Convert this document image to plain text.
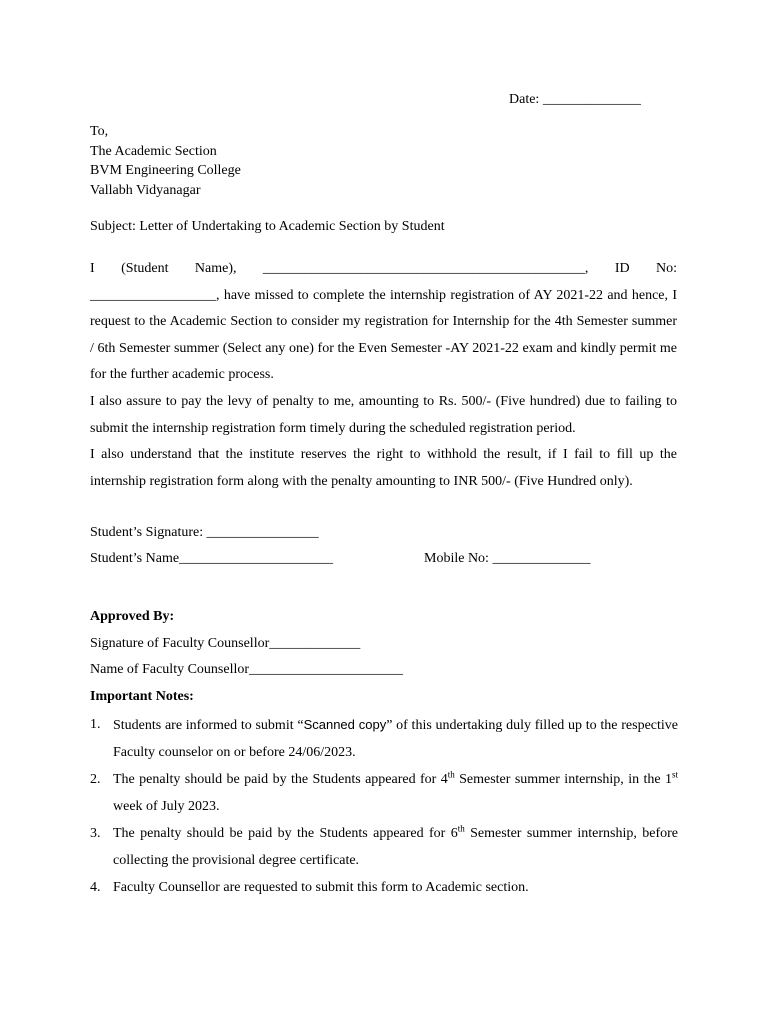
Date: ______________
To,
The Academic Section
BVM Engineering College
Vallabh Vidyanagar
Subject: Letter of Undertaking to Academic Section by Student

I (Student Name), ______________________________________________, ID No: __________________, have missed to complete the internship registration of AY 2021-22 and hence, I request to the Academic Section to consider my registration for Internship for the 4th Semester summer / 6th Semester summer (Select any one) for the Even Semester -AY 2021-22 exam and kindly permit me for the further academic process.

I also assure to pay the levy of penalty to me, amounting to Rs. 500/- (Five hundred) due to failing to submit the internship registration form timely during the scheduled registration period.

I also understand that the institute reserves the right to withhold the result, if I fail to fill up the internship registration form along with the penalty amounting to INR 500/- (Five Hundred only).

Student’s Signature: ________________
Student’s Name______________________	Mobile No: ______________
Approved By:
Signature of Faculty Counsellor_____________
Name of Faculty Counsellor______________________
Important Notes:
1. Students are informed to submit “Scanned copy” of this undertaking duly filled up to the respective Faculty counselor on or before 24/06/2023.
2. The penalty should be paid by the Students appeared for 4th Semester summer internship, in the 1st week of July 2023.
3. The penalty should be paid by the Students appeared for 6th Semester summer internship, before collecting the provisional degree certificate.
4. Faculty Counsellor are requested to submit this form to Academic section.
